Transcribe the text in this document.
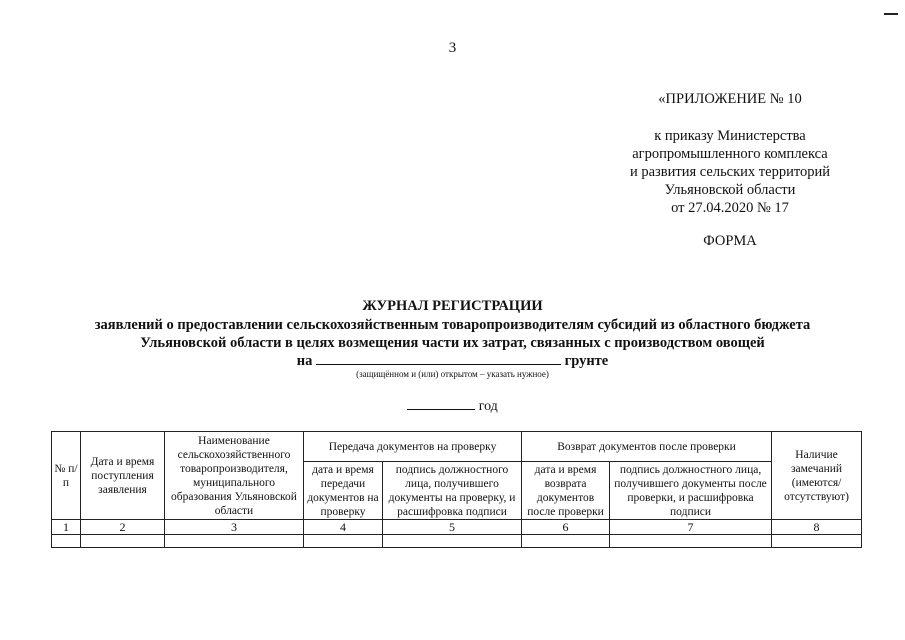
3
«ПРИЛОЖЕНИЕ № 10
к приказу Министерства
агропромышленного комплекса
и развития сельских территорий
Ульяновской области
от 27.04.2020 № 17
ФОРМА
ЖУРНАЛ РЕГИСТРАЦИИ
заявлений о предоставлении сельскохозяйственным товаропроизводителям субсидий из областного бюджета
Ульяновской области в целях возмещения части их затрат, связанных с производством овощей
на	грунте
(защищённом и (или) открытом – указать нужное)
год
№ п/п	Дата и время поступления заявления	Наименование сельскохозяйственного товаропроизводителя, муниципального образования Ульяновской области	Передача документов на проверку		Возврат документов после проверки		Наличие замечаний (имеются/ отсутствуют)
			дата и время передачи документов на проверку	подпись должностного лица, получившего документы на проверку, и расшифровка подписи	дата и время возврата документов после проверки	подпись должностного лица, получившего документы после проверки, и расшифровка подписи	
1	2	3	4	5	6	7	8
